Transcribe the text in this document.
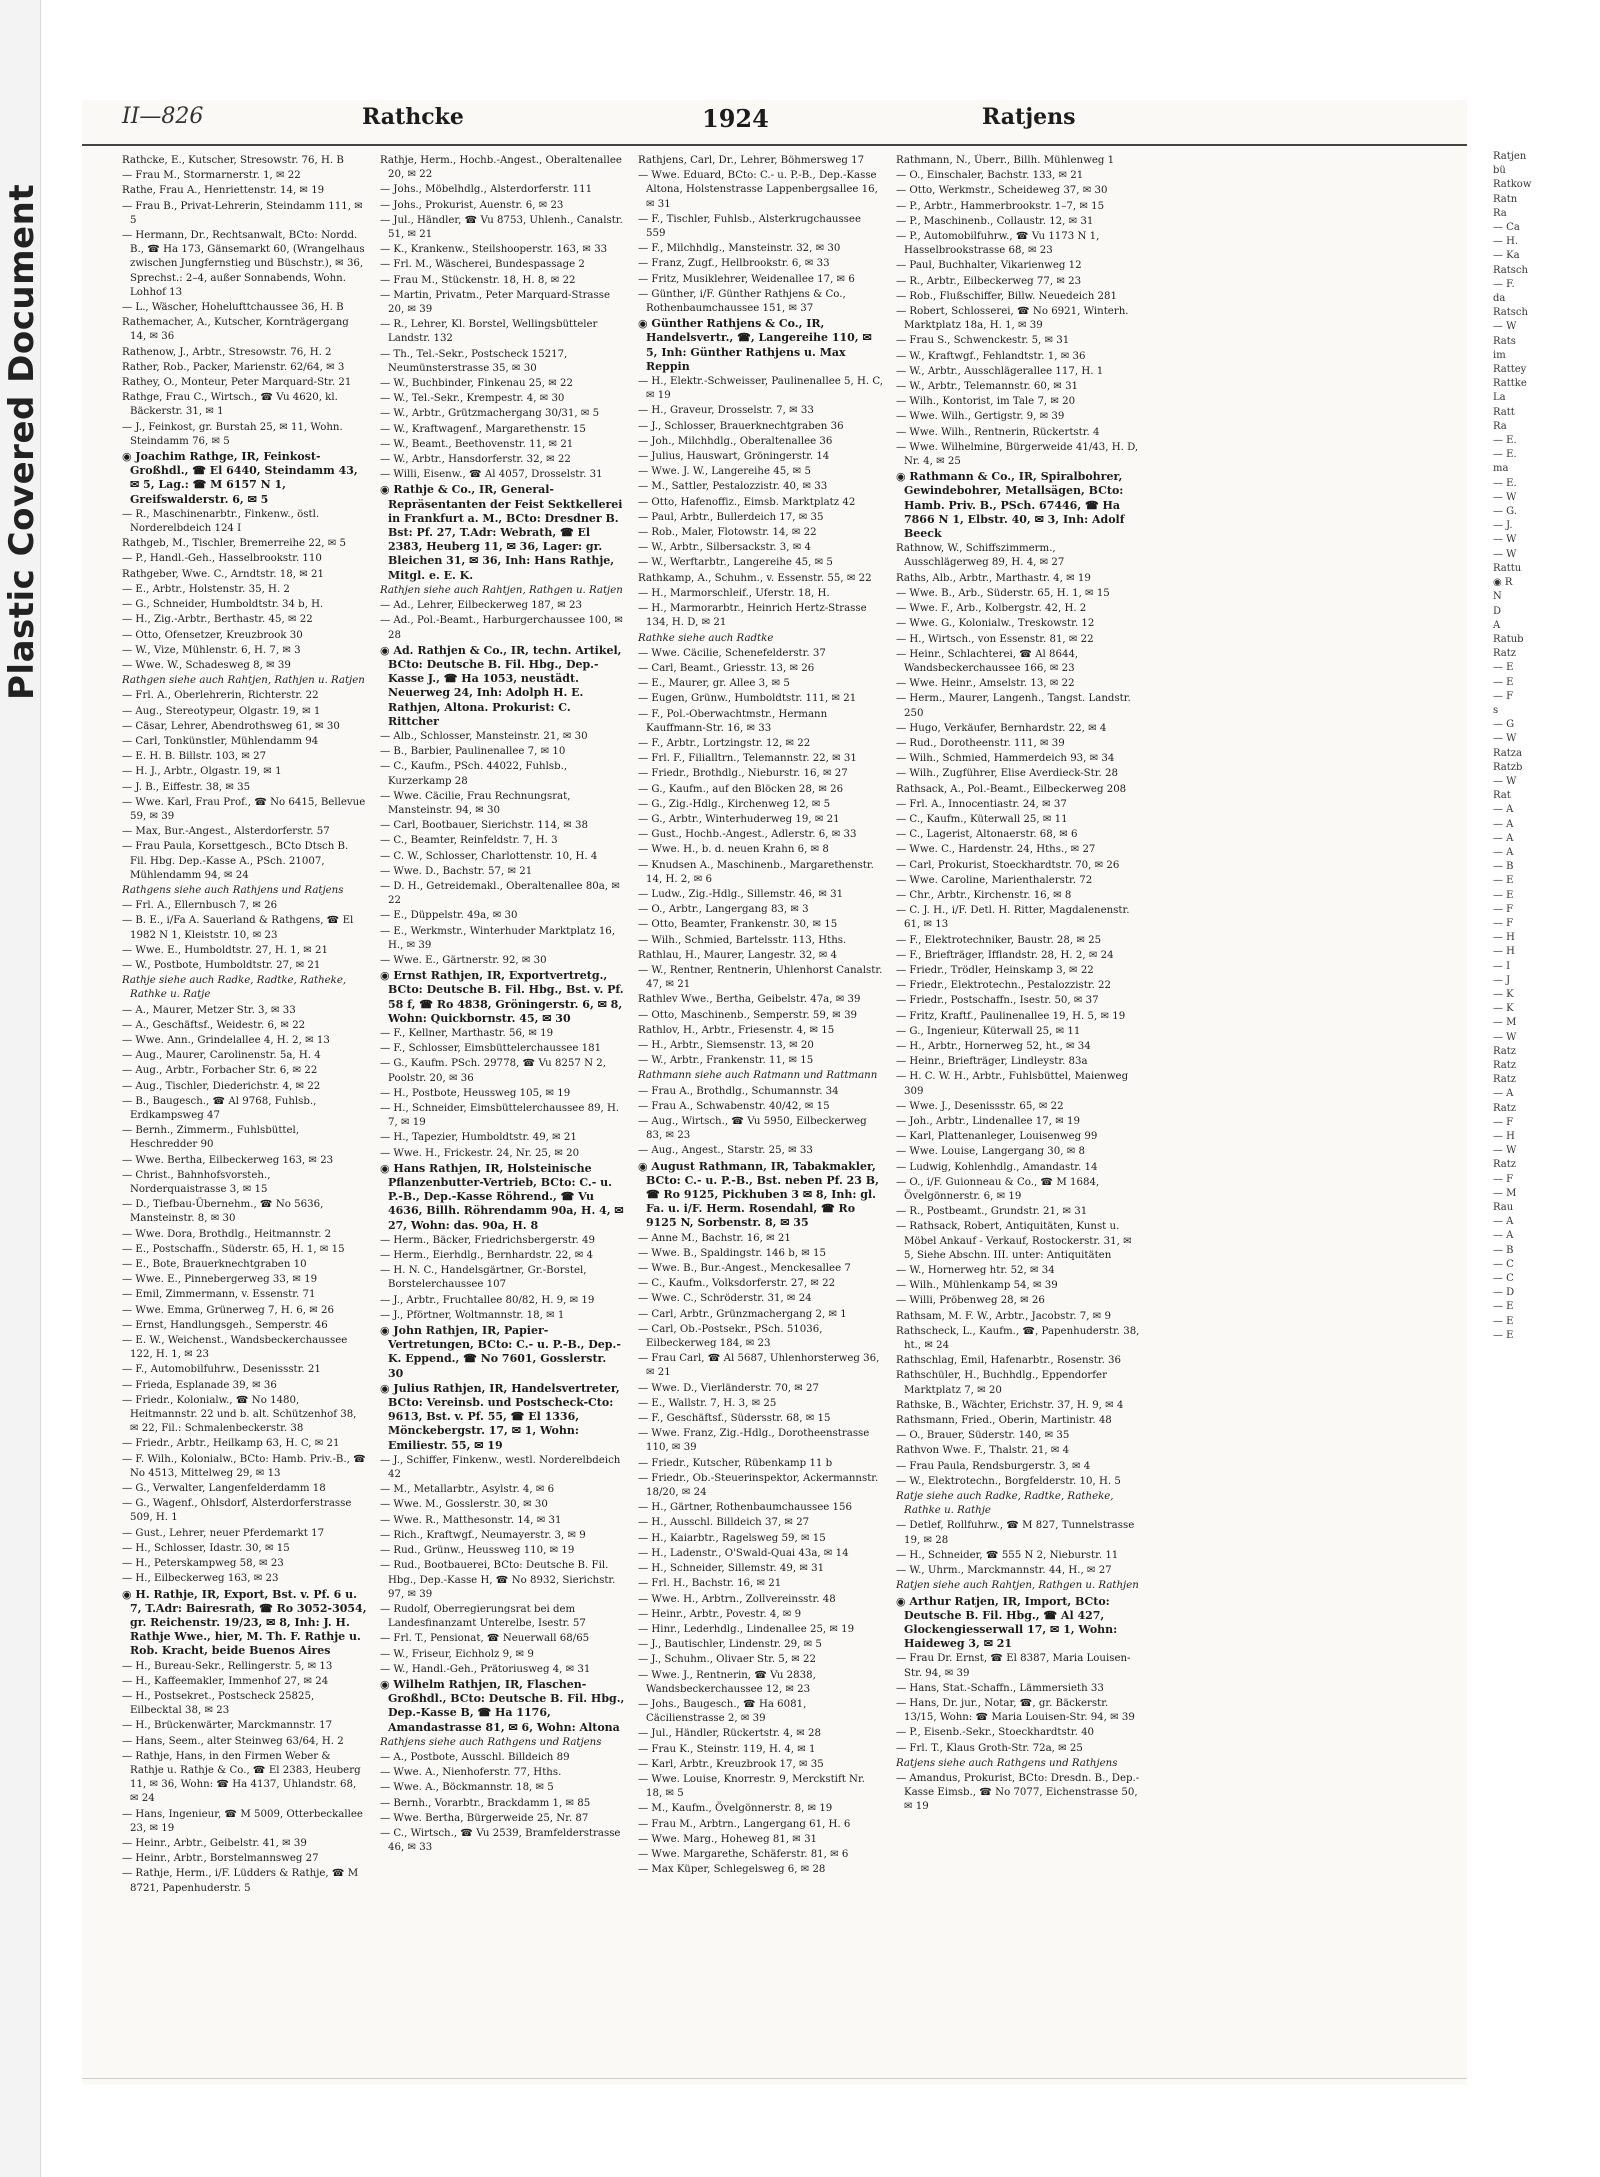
Plastic Covered Document
II—826	Rathcke	1924	Ratjens
Rathcke, E., Kutscher, Stresowstr. 76, H. B
— Frau M., Stormarnerstr. 1, ✉ 22
Rathe, Frau A., Henriettenstr. 14, ✉ 19
— Frau B., Privat-Lehrerin, Steindamm 111, ✉ 5
— Hermann, Dr., Rechtsanwalt, BCto: Nordd. B., ☎ Ha 173, Gänsemarkt 60, (Wrangelhaus zwischen Jungfernstieg und Büschstr.), ✉ 36, Sprechst.: 2–4, außer Sonnabends, Wohn. Lohhof 13
— L., Wäscher, Hohelufttchaussee 36, H. B
Rathemacher, A., Kutscher, Kornträgergang 14, ✉ 36
Rathenow, J., Arbtr., Stresowstr. 76, H. 2
Rather, Rob., Packer, Marienstr. 62/64, ✉ 3
Rathey, O., Monteur, Peter Marquard-Str. 21
Rathge, Frau C., Wirtsch., ☎ Vu 4620, kl. Bäckerstr. 31, ✉ 1
— J., Feinkost, gr. Burstah 25, ✉ 11, Wohn. Steindamm 76, ✉ 5
◉ Joachim Rathge, IR, Feinkost-Großhdl., ☎ El 6440, Steindamm 43, ✉ 5, Lag.: ☎ M 6157 N 1, Greifswalderstr. 6, ✉ 5
— R., Maschinenarbtr., Finkenw., östl. Norderelbdeich 124 I
Rathgeb, M., Tischler, Bremerreihe 22, ✉ 5
— P., Handl.-Geh., Hasselbrookstr. 110
Rathgeber, Wwe. C., Arndtstr. 18, ✉ 21
— E., Arbtr., Holstenstr. 35, H. 2
— G., Schneider, Humboldtstr. 34 b, H.
— H., Zig.-Arbtr., Berthastr. 45, ✉ 22
— Otto, Ofensetzer, Kreuzbrook 30
— W., Vize, Mühlenstr. 6, H. 7, ✉ 3
— Wwe. W., Schadesweg 8, ✉ 39
Rathgen siehe auch Rahtjen, Rathjen u. Ratjen
— Frl. A., Oberlehrerin, Richterstr. 22
— Aug., Stereotypeur, Olgastr. 19, ✉ 1
— Cäsar, Lehrer, Abendrothsweg 61, ✉ 30
— Carl, Tonkünstler, Mühlendamm 94
— E. H. B. Billstr. 103, ✉ 27
— H. J., Arbtr., Olgastr. 19, ✉ 1
— J. B., Eiffestr. 38, ✉ 35
— Wwe. Karl, Frau Prof., ☎ No 6415, Bellevue 59, ✉ 39
— Max, Bur.-Angest., Alsterdorferstr. 57
— Frau Paula, Korsettgesch., BCto Dtsch B. Fil. Hbg. Dep.-Kasse A., PSch. 21007, Mühlendamm 94, ✉ 24
Rathgens siehe auch Rathjens und Ratjens
— Frl. A., Ellernbusch 7, ✉ 26
— B. E., i/Fa A. Sauerland & Rathgens, ☎ El 1982 N 1, Kleiststr. 10, ✉ 23
— Wwe. E., Humboldtstr. 27, H. 1, ✉ 21
— W., Postbote, Humboldtstr. 27, ✉ 21
Rathje siehe auch Radke, Radtke, Ratheke, Rathke u. Ratje
— A., Maurer, Metzer Str. 3, ✉ 33
— A., Geschäftsf., Weidestr. 6, ✉ 22
— Wwe. Ann., Grindelallee 4, H. 2, ✉ 13
— Aug., Maurer, Carolinenstr. 5a, H. 4
— Aug., Arbtr., Forbacher Str. 6, ✉ 22
— Aug., Tischler, Diederichstr. 4, ✉ 22
— B., Baugesch., ☎ Al 9768, Fuhlsb., Erdkampsweg 47
— Bernh., Zimmerm., Fuhlsbüttel, Heschredder 90
— Wwe. Bertha, Eilbeckerweg 163, ✉ 23
— Christ., Bahnhofsvorsteh., Norderquaistrasse 3, ✉ 15
— D., Tiefbau-Übernehm., ☎ No 5636, Mansteinstr. 8, ✉ 30
— Wwe. Dora, Brothdlg., Heitmannstr. 2
— E., Postschaffn., Süderstr. 65, H. 1, ✉ 15
— E., Bote, Brauerknechtgraben 10
— Wwe. E., Pinnebergerweg 33, ✉ 19
— Emil, Zimmermann, v. Essenstr. 71
— Wwe. Emma, Grünerweg 7, H. 6, ✉ 26
— Ernst, Handlungsgeh., Semperstr. 46
— E. W., Weichenst., Wandsbeckerchaussee 122, H. 1, ✉ 23
— F., Automobilfuhrw., Desenissstr. 21
— Frieda, Esplanade 39, ✉ 36
— Friedr., Kolonialw., ☎ No 1480, Heitmannstr. 22 und b. alt. Schützenhof 38, ✉ 22, Fil.: Schmalenbeckerstr. 38
— Friedr., Arbtr., Heilkamp 63, H. C, ✉ 21
— F. Wilh., Kolonialw., BCto: Hamb. Priv.-B., ☎ No 4513, Mittelweg 29, ✉ 13
— G., Verwalter, Langenfelderdamm 18
— G., Wagenf., Ohlsdorf, Alsterdorferstrasse 509, H. 1
— Gust., Lehrer, neuer Pferdemarkt 17
— H., Schlosser, Idastr. 30, ✉ 15
— H., Peterskampweg 58, ✉ 23
— H., Eilbeckerweg 163, ✉ 23
◉ H. Rathje, IR, Export, Bst. v. Pf. 6 u. 7, T.Adr: Bairesrath, ☎ Ro 3052-3054, gr. Reichenstr. 19/23, ✉ 8, Inh: J. H. Rathje Wwe., hier, M. Th. F. Rathje u. Rob. Kracht, beide Buenos Aires
— H., Bureau-Sekr., Rellingerstr. 5, ✉ 13
— H., Kaffeemakler, Immenhof 27, ✉ 24
— H., Postsekret., Postscheck 25825, Eilbecktal 38, ✉ 23
— H., Brückenwärter, Marckmannstr. 17
— Hans, Seem., alter Steinweg 63/64, H. 2
— Rathje, Hans, in den Firmen Weber & Rathje u. Rathje & Co., ☎ El 2383, Heuberg 11, ✉ 36, Wohn: ☎ Ha 4137, Uhlandstr. 68, ✉ 24
— Hans, Ingenieur, ☎ M 5009, Otterbeckallee 23, ✉ 19
— Heinr., Arbtr., Geibelstr. 41, ✉ 39
— Heinr., Arbtr., Borstelmannsweg 27
— Rathje, Herm., i/F. Lüdders & Rathje, ☎ M 8721, Papenhuderstr. 5
Rathje, Herm., Hochb.-Angest., Oberaltenallee 20, ✉ 22
— Johs., Möbelhdlg., Alsterdorferstr. 111
— Johs., Prokurist, Auenstr. 6, ✉ 23
— Jul., Händler, ☎ Vu 8753, Uhlenh., Canalstr. 51, ✉ 21
— K., Krankenw., Steilshooperstr. 163, ✉ 33
— Frl. M., Wäscherei, Bundespassage 2
— Frau M., Stückenstr. 18, H. 8, ✉ 22
— Martin, Privatm., Peter Marquard-Strasse 20, ✉ 39
— R., Lehrer, Kl. Borstel, Wellingsbütteler Landstr. 132
— Th., Tel.-Sekr., Postscheck 15217, Neumünsterstrasse 35, ✉ 30
— W., Buchbinder, Finkenau 25, ✉ 22
— W., Tel.-Sekr., Krempestr. 4, ✉ 30
— W., Arbtr., Grützmachergang 30/31, ✉ 5
— W., Kraftwagenf., Margarethenstr. 15
— W., Beamt., Beethovenstr. 11, ✉ 21
— W., Arbtr., Hansdorferstr. 32, ✉ 22
— Willi, Eisenw., ☎ Al 4057, Drosselstr. 31
◉ Rathje & Co., IR, General-Repräsentanten der Feist Sektkellerei in Frankfurt a. M., BCto: Dresdner B. Bst: Pf. 27, T.Adr: Webrath, ☎ El 2383, Heuberg 11, ✉ 36, Lager: gr. Bleichen 31, ✉ 36, Inh: Hans Rathje, Mitgl. e. E. K.
Rathjen siehe auch Rahtjen, Rathgen u. Ratjen
— Ad., Lehrer, Eilbeckerweg 187, ✉ 23
— Ad., Pol.-Beamt., Harburgerchaussee 100, ✉ 28
◉ Ad. Rathjen & Co., IR, techn. Artikel, BCto: Deutsche B. Fil. Hbg., Dep.-Kasse J., ☎ Ha 1053, neustädt. Neuerweg 24, Inh: Adolph H. E. Rathjen, Altona. Prokurist: C. Rittcher
— Alb., Schlosser, Mansteinstr. 21, ✉ 30
— B., Barbier, Paulinenallee 7, ✉ 10
— C., Kaufm., PSch. 44022, Fuhlsb., Kurzerkamp 28
— Wwe. Cäcilie, Frau Rechnungsrat, Mansteinstr. 94, ✉ 30
— Carl, Bootbauer, Sierichstr. 114, ✉ 38
— C., Beamter, Reinfeldstr. 7, H. 3
— C. W., Schlosser, Charlottenstr. 10, H. 4
— Wwe. D., Bachstr. 57, ✉ 21
— D. H., Getreidemakl., Oberaltenallee 80a, ✉ 22
— E., Düppelstr. 49a, ✉ 30
— E., Werkmstr., Winterhuder Marktplatz 16, H., ✉ 39
— Wwe. E., Gärtnerstr. 92, ✉ 30
◉ Ernst Rathjen, IR, Exportvertretg., BCto: Deutsche B. Fil. Hbg., Bst. v. Pf. 58 f, ☎ Ro 4838, Gröningerstr. 6, ✉ 8, Wohn: Quickbornstr. 45, ✉ 30
— F., Kellner, Marthastr. 56, ✉ 19
— F., Schlosser, Eimsbüttelerchaussee 181
— G., Kaufm. PSch. 29778, ☎ Vu 8257 N 2, Poolstr. 20, ✉ 36
— H., Postbote, Heussweg 105, ✉ 19
— H., Schneider, Eimsbüttelerchaussee 89, H. 7, ✉ 19
— H., Tapezier, Humboldtstr. 49, ✉ 21
— Wwe. H., Frickestr. 24, Nr. 25, ✉ 20
◉ Hans Rathjen, IR, Holsteinische Pflanzenbutter-Vertrieb, BCto: C.- u. P.-B., Dep.-Kasse Röhrend., ☎ Vu 4636, Billh. Röhrendamm 90a, H. 4, ✉ 27, Wohn: das. 90a, H. 8
— Herm., Bäcker, Friedrichsbergerstr. 49
— Herm., Eierhdlg., Bernhardstr. 22, ✉ 4
— H. N. C., Handelsgärtner, Gr.-Borstel, Borstelerchaussee 107
— J., Arbtr., Fruchtallee 80/82, H. 9, ✉ 19
— J., Pförtner, Woltmannstr. 18, ✉ 1
◉ John Rathjen, IR, Papier-Vertretungen, BCto: C.- u. P.-B., Dep.-K. Eppend., ☎ No 7601, Gosslerstr. 30
◉ Julius Rathjen, IR, Handelsvertreter, BCto: Vereinsb. und Postscheck-Cto: 9613, Bst. v. Pf. 55, ☎ El 1336, Mönckebergstr. 17, ✉ 1, Wohn: Emiliestr. 55, ✉ 19
— J., Schiffer, Finkenw., westl. Norderelbdeich 42
— M., Metallarbtr., Asylstr. 4, ✉ 6
— Wwe. M., Gosslerstr. 30, ✉ 30
— Wwe. R., Matthesonstr. 14, ✉ 31
— Rich., Kraftwgf., Neumayerstr. 3, ✉ 9
— Rud., Grünw., Heussweg 110, ✉ 19
— Rud., Bootbauerei, BCto: Deutsche B. Fil. Hbg., Dep.-Kasse H, ☎ No 8932, Sierichstr. 97, ✉ 39
— Rudolf, Oberregierungsrat bei dem Landesfinanzamt Unterelbe, Isestr. 57
— Frl. T., Pensionat, ☎ Neuerwall 68/65
— W., Friseur, Eichholz 9, ✉ 9
— W., Handl.-Geh., Prätoriusweg 4, ✉ 31
◉ Wilhelm Rathjen, IR, Flaschen-Großhdl., BCto: Deutsche B. Fil. Hbg., Dep.-Kasse B, ☎ Ha 1176, Amandastrasse 81, ✉ 6, Wohn: Altona
Rathjens siehe auch Rathgens und Ratjens
— A., Postbote, Ausschl. Billdeich 89
— Wwe. A., Nienhoferstr. 77, Hths.
— Wwe. A., Böckmannstr. 18, ✉ 5
— Bernh., Vorarbtr., Brackdamm 1, ✉ 85
— Wwe. Bertha, Bürgerweide 25, Nr. 87
— C., Wirtsch., ☎ Vu 2539, Bramfelderstrasse 46, ✉ 33
Rathjens, Carl, Dr., Lehrer, Böhmersweg 17
— Wwe. Eduard, BCto: C.- u. P.-B., Dep.-Kasse Altona, Holstenstrasse Lappenbergsallee 16, ✉ 31
— F., Tischler, Fuhlsb., Alsterkrugchaussee 559
— F., Milchhdlg., Mansteinstr. 32, ✉ 30
— Franz, Zugf., Hellbrookstr. 6, ✉ 33
— Fritz, Musiklehrer, Weidenallee 17, ✉ 6
— Günther, i/F. Günther Rathjens & Co., Rothenbaumchaussee 151, ✉ 37
◉ Günther Rathjens & Co., IR, Handelsvertr., ☎, Langereihe 110, ✉ 5, Inh: Günther Rathjens u. Max Reppin
— H., Elektr.-Schweisser, Paulinenallee 5, H. C, ✉ 19
— H., Graveur, Drosselstr. 7, ✉ 33
— J., Schlosser, Brauerknechtgraben 36
— Joh., Milchhdlg., Oberaltenallee 36
— Julius, Hauswart, Gröningerstr. 14
— Wwe. J. W., Langereihe 45, ✉ 5
— M., Sattler, Pestalozzistr. 40, ✉ 33
— Otto, Hafenoffiz., Eimsb. Marktplatz 42
— Paul, Arbtr., Bullerdeich 17, ✉ 35
— Rob., Maler, Flotowstr. 14, ✉ 22
— W., Arbtr., Silbersackstr. 3, ✉ 4
— W., Werftarbtr., Langereihe 45, ✉ 5
Rathkamp, A., Schuhm., v. Essenstr. 55, ✉ 22
— H., Marmorschleif., Uferstr. 18, H.
— H., Marmorarbtr., Heinrich Hertz-Strasse 134, H. D, ✉ 21
Rathke siehe auch Radtke
— Wwe. Cäcilie, Schenefelderstr. 37
— Carl, Beamt., Griesstr. 13, ✉ 26
— E., Maurer, gr. Allee 3, ✉ 5
— Eugen, Grünw., Humboldtstr. 111, ✉ 21
— F., Pol.-Oberwachtmstr., Hermann Kauffmann-Str. 16, ✉ 33
— F., Arbtr., Lortzingstr. 12, ✉ 22
— Frl. F., Filialltrn., Telemannstr. 22, ✉ 31
— Friedr., Brothdlg., Nieburstr. 16, ✉ 27
— G., Kaufm., auf den Blöcken 28, ✉ 26
— G., Zig.-Hdlg., Kirchenweg 12, ✉ 5
— G., Arbtr., Winterhuderweg 19, ✉ 21
— Gust., Hochb.-Angest., Adlerstr. 6, ✉ 33
— Wwe. H., b. d. neuen Krahn 6, ✉ 8
— Knudsen A., Maschinenb., Margarethenstr. 14, H. 2, ✉ 6
— Ludw., Zig.-Hdlg., Sillemstr. 46, ✉ 31
— O., Arbtr., Langergang 83, ✉ 3
— Otto, Beamter, Frankenstr. 30, ✉ 15
— Wilh., Schmied, Bartelsstr. 113, Hths.
Rathlau, H., Maurer, Langestr. 32, ✉ 4
— W., Rentner, Rentnerin, Uhlenhorst Canalstr. 47, ✉ 21
Rathlev Wwe., Bertha, Geibelstr. 47a, ✉ 39
— Otto, Maschinenb., Semperstr. 59, ✉ 39
Rathlov, H., Arbtr., Friesenstr. 4, ✉ 15
— H., Arbtr., Siemsenstr. 13, ✉ 20
— W., Arbtr., Frankenstr. 11, ✉ 15
Rathmann siehe auch Ratmann und Rattmann
— Frau A., Brothdlg., Schumannstr. 34
— Frau A., Schwabenstr. 40/42, ✉ 15
— Aug., Wirtsch., ☎ Vu 5950, Eilbeckerweg 83, ✉ 23
— Aug., Angest., Starstr. 25, ✉ 33
◉ August Rathmann, IR, Tabakmakler, BCto: C.- u. P.-B., Bst. neben Pf. 23 B, ☎ Ro 9125, Pickhuben 3 ✉ 8, Inh: gl. Fa. u. i/F. Herm. Rosendahl, ☎ Ro 9125 N, Sorbenstr. 8, ✉ 35
— Anne M., Bachstr. 16, ✉ 21
— Wwe. B., Spaldingstr. 146 b, ✉ 15
— Wwe. B., Bur.-Angest., Menckesallee 7
— C., Kaufm., Volksdorferstr. 27, ✉ 22
— Wwe. C., Schröderstr. 31, ✉ 24
— Carl, Arbtr., Grünzmachergang 2, ✉ 1
— Carl, Ob.-Postsekr., PSch. 51036, Eilbeckerweg 184, ✉ 23
— Frau Carl, ☎ Al 5687, Uhlenhorsterweg 36, ✉ 21
— Wwe. D., Vierländerstr. 70, ✉ 27
— E., Wallstr. 7, H. 3, ✉ 25
— F., Geschäftsf., Südersstr. 68, ✉ 15
— Wwe. Franz, Zig.-Hdlg., Dorotheenstrasse 110, ✉ 39
— Friedr., Kutscher, Rübenkamp 11 b
— Friedr., Ob.-Steuerinspektor, Ackermannstr. 18/20, ✉ 24
— H., Gärtner, Rothenbaumchaussee 156
— H., Ausschl. Billdeich 37, ✉ 27
— H., Kaiarbtr., Ragelsweg 59, ✉ 15
— H., Ladenstr., O'Swald-Quai 43a, ✉ 14
— H., Schneider, Sillemstr. 49, ✉ 31
— Frl. H., Bachstr. 16, ✉ 21
— Wwe. H., Arbtrn., Zollvereinsstr. 48
— Heinr., Arbtr., Povestr. 4, ✉ 9
— Hinr., Lederhdlg., Lindenallee 25, ✉ 19
— J., Bautischler, Lindenstr. 29, ✉ 5
— J., Schuhm., Olivaer Str. 5, ✉ 22
— Wwe. J., Rentnerin, ☎ Vu 2838, Wandsbeckerchaussee 12, ✉ 23
— Johs., Baugesch., ☎ Ha 6081, Cäcilienstrasse 2, ✉ 39
— Jul., Händler, Rückertstr. 4, ✉ 28
— Frau K., Steinstr. 119, H. 4, ✉ 1
— Karl, Arbtr., Kreuzbrook 17, ✉ 35
— Wwe. Louise, Knorrestr. 9, Merckstift Nr. 18, ✉ 5
— M., Kaufm., Övelgönnerstr. 8, ✉ 19
— Frau M., Arbtrn., Langergang 61, H. 6
— Wwe. Marg., Hoheweg 81, ✉ 31
— Wwe. Margarethe, Schäferstr. 81, ✉ 6
— Max Küper, Schlegelsweg 6, ✉ 28
Rathmann, N., Überr., Billh. Mühlenweg 1
— O., Einschaler, Bachstr. 133, ✉ 21
— Otto, Werkmstr., Scheideweg 37, ✉ 30
— P., Arbtr., Hammerbrookstr. 1–7, ✉ 15
— P., Maschinenb., Collaustr. 12, ✉ 31
— P., Automobilfuhrw., ☎ Vu 1173 N 1, Hasselbrookstrasse 68, ✉ 23
— Paul, Buchhalter, Vikarienweg 12
— R., Arbtr., Eilbeckerweg 77, ✉ 23
— Rob., Flußschiffer, Billw. Neuedeich 281
— Robert, Schlosserei, ☎ No 6921, Winterh. Marktplatz 18a, H. 1, ✉ 39
— Frau S., Schwenckestr. 5, ✉ 31
— W., Kraftwgf., Fehlandtstr. 1, ✉ 36
— W., Arbtr., Ausschlägerallee 117, H. 1
— W., Arbtr., Telemannstr. 60, ✉ 31
— Wilh., Kontorist, im Tale 7, ✉ 20
— Wwe. Wilh., Gertigstr. 9, ✉ 39
— Wwe. Wilh., Rentnerin, Rückertstr. 4
— Wwe. Wilhelmine, Bürgerweide 41/43, H. D, Nr. 4, ✉ 25
◉ Rathmann & Co., IR, Spiralbohrer, Gewindebohrer, Metallsägen, BCto: Hamb. Priv. B., PSch. 67446, ☎ Ha 7866 N 1, Elbstr. 40, ✉ 3, Inh: Adolf Beeck
Rathnow, W., Schiffszimmerm., Ausschlägerweg 89, H. 4, ✉ 27
Raths, Alb., Arbtr., Marthastr. 4, ✉ 19
— Wwe. B., Arb., Süderstr. 65, H. 1, ✉ 15
— Wwe. F., Arb., Kolbergstr. 42, H. 2
— Wwe. G., Kolonialw., Treskowstr. 12
— H., Wirtsch., von Essenstr. 81, ✉ 22
— Heinr., Schlachterei, ☎ Al 8644, Wandsbeckerchaussee 166, ✉ 23
— Wwe. Heinr., Amselstr. 13, ✉ 22
— Herm., Maurer, Langenh., Tangst. Landstr. 250
— Hugo, Verkäufer, Bernhardstr. 22, ✉ 4
— Rud., Dorotheenstr. 111, ✉ 39
— Wilh., Schmied, Hammerdeich 93, ✉ 34
— Wilh., Zugführer, Elise Averdieck-Str. 28
Rathsack, A., Pol.-Beamt., Eilbeckerweg 208
— Frl. A., Innocentiastr. 24, ✉ 37
— C., Kaufm., Küterwall 25, ✉ 11
— C., Lagerist, Altonaerstr. 68, ✉ 6
— Wwe. C., Hardenstr. 24, Hths., ✉ 27
— Carl, Prokurist, Stoeckhardtstr. 70, ✉ 26
— Wwe. Caroline, Marienthalerstr. 72
— Chr., Arbtr., Kirchenstr. 16, ✉ 8
— C. J. H., i/F. Detl. H. Ritter, Magdalenenstr. 61, ✉ 13
— F., Elektrotechniker, Baustr. 28, ✉ 25
— F., Briefträger, Ifflandstr. 28, H. 2, ✉ 24
— Friedr., Trödler, Heinskamp 3, ✉ 22
— Friedr., Elektrotechn., Pestalozzistr. 22
— Friedr., Postschaffn., Isestr. 50, ✉ 37
— Fritz, Kraftf., Paulinenallee 19, H. 5, ✉ 19
— G., Ingenieur, Küterwall 25, ✉ 11
— H., Arbtr., Hornerweg 52, ht., ✉ 34
— Heinr., Briefträger, Lindleystr. 83a
— H. C. W. H., Arbtr., Fuhlsbüttel, Maienweg 309
— Wwe. J., Desenissstr. 65, ✉ 22
— Joh., Arbtr., Lindenallee 17, ✉ 19
— Karl, Plattenanleger, Louisenweg 99
— Wwe. Louise, Langergang 30, ✉ 8
— Ludwig, Kohlenhdlg., Amandastr. 14
— O., i/F. Guionneau & Co., ☎ M 1684, Övelgönnerstr. 6, ✉ 19
— R., Postbeamt., Grundstr. 21, ✉ 31
— Rathsack, Robert, Antiquitäten, Kunst u. Möbel Ankauf - Verkauf, Rostockerstr. 31, ✉ 5, Siehe Abschn. III. unter: Antiquitäten
— W., Hornerweg htr. 52, ✉ 34
— Wilh., Mühlenkamp 54, ✉ 39
— Willi, Pröbenweg 28, ✉ 26
Rathsam, M. F. W., Arbtr., Jacobstr. 7, ✉ 9
Rathscheck, L., Kaufm., ☎, Papenhuderstr. 38, ht., ✉ 24
Rathschlag, Emil, Hafenarbtr., Rosenstr. 36
Rathschüler, H., Buchhdlg., Eppendorfer Marktplatz 7, ✉ 20
Rathske, B., Wächter, Erichstr. 37, H. 9, ✉ 4
Rathsmann, Fried., Oberin, Martinistr. 48
— O., Brauer, Süderstr. 140, ✉ 35
Rathvon Wwe. F., Thalstr. 21, ✉ 4
— Frau Paula, Rendsburgerstr. 3, ✉ 4
— W., Elektrotechn., Borgfelderstr. 10, H. 5
Ratje siehe auch Radke, Radtke, Ratheke, Rathke u. Rathje
— Detlef, Rollfuhrw., ☎ M 827, Tunnelstrasse 19, ✉ 28
— H., Schneider, ☎ 555 N 2, Nieburstr. 11
— W., Uhrm., Marckmannstr. 44, H., ✉ 27
Ratjen siehe auch Rahtjen, Rathgen u. Rathjen
◉ Arthur Ratjen, IR, Import, BCto: Deutsche B. Fil. Hbg., ☎ Al 427, Glockengiesserwall 17, ✉ 1, Wohn: Haideweg 3, ✉ 21
— Frau Dr. Ernst, ☎ El 8387, Maria Louisen-Str. 94, ✉ 39
— Hans, Stat.-Schaffn., Lämmersieth 33
— Hans, Dr. jur., Notar, ☎, gr. Bäckerstr. 13/15, Wohn: ☎ Maria Louisen-Str. 94, ✉ 39
— P., Eisenb.-Sekr., Stoeckhardtstr. 40
— Frl. T., Klaus Groth-Str. 72a, ✉ 25
Ratjens siehe auch Rathgens und Rathjens
— Amandus, Prokurist, BCto: Dresdn. B., Dep.-Kasse Eimsb., ☎ No 7077, Eichenstrasse 50, ✉ 19
Ratjen
bü
Ratkow
Ratn
Ra
— Ca
— H.
— Ka
Ratsch
— F.
da
Ratsch
— W
Rats
im
Rattey
Rattke
La
Ratt
Ra
— E.
— E.
ma
— E.
— W
— G.
— J.
— W
— W
Rattu
◉ R
N
D
A
Ratub
Ratz
— E
— E
— F
s
— G
— W
Ratza
Ratzb
— W
Rat
— A
— A
— A
— A
— B
— E
— E
— F
— F
— H
— H
— I
— J
— K
— K
— M
— W
Ratz
Ratz
Ratz
— A
Ratz
— F
— H
— W
Ratz
— F
— M
Rau
— A
— A
— B
— C
— C
— D
— E
— E
— E
